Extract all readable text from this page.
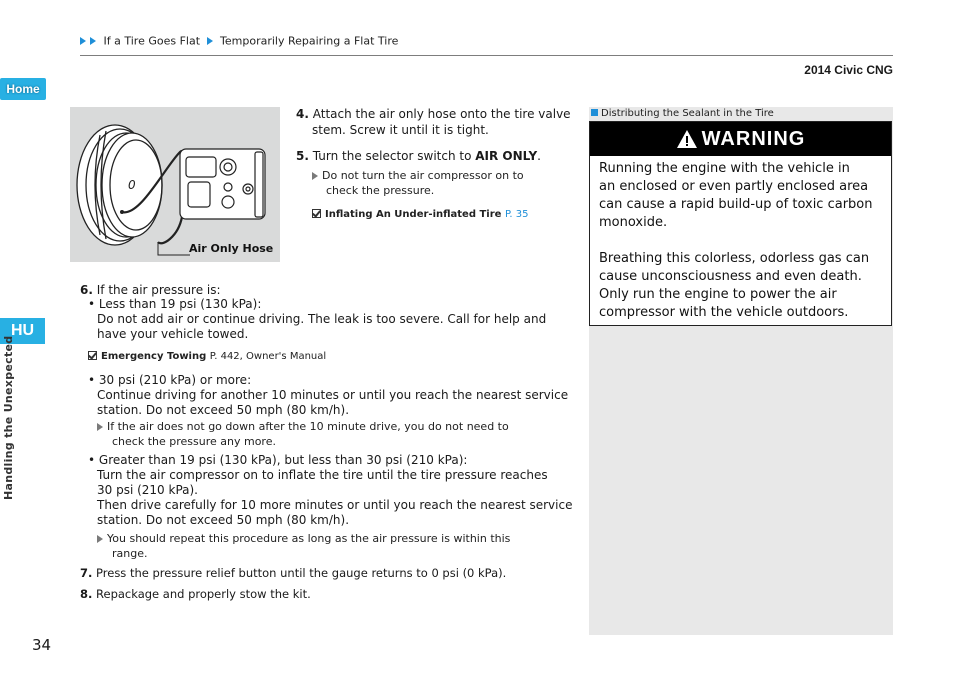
If a Tire Goes Flat Temporarily Repairing a Flat Tire
2014 Civic CNG
Home
HU
Handling the Unexpected
34
0
Air Only Hose
4. Attach the air only hose onto the tire valve
stem. Screw it until it is tight.
5. Turn the selector switch to AIR ONLY.
Do not turn the air compressor on to
check the pressure.
Inflating An Under-inflated Tire P. 35
6. If the air pressure is:
• Less than 19 psi (130 kPa):
Do not add air or continue driving. The leak is too severe. Call for help and
have your vehicle towed.
Emergency Towing P. 442, Owner's Manual
• 30 psi (210 kPa) or more:
Continue driving for another 10 minutes or until you reach the nearest service
station. Do not exceed 50 mph (80 km/h).
If the air does not go down after the 10 minute drive, you do not need to
check the pressure any more.
• Greater than 19 psi (130 kPa), but less than 30 psi (210 kPa):
Turn the air compressor on to inflate the tire until the tire pressure reaches
30 psi (210 kPa).
Then drive carefully for 10 more minutes or until you reach the nearest service
station. Do not exceed 50 mph (80 km/h).
You should repeat this procedure as long as the air pressure is within this
range.
7. Press the pressure relief button until the gauge returns to 0 psi (0 kPa).
8. Repackage and properly stow the kit.
Distributing the Sealant in the Tire
WARNING
Running the engine with the vehicle in
an enclosed or even partly enclosed area
can cause a rapid build-up of toxic carbon
monoxide.
Breathing this colorless, odorless gas can
cause unconsciousness and even death.
Only run the engine to power the air
compressor with the vehicle outdoors.
